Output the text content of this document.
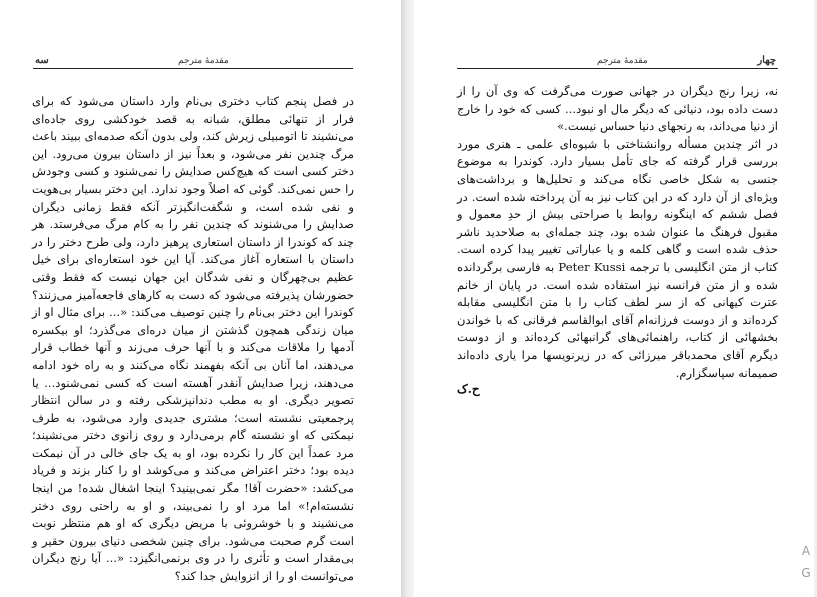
سه	مقدمهٔ مترجم

در فصل پنجم کتاب دختری بی‌نام وارد داستان می‌شود که برای فرار از تنهائی مطلق، شبانه به قصد خودکشی روی جاده‌ای می‌نشیند تا اتومبیلی زیرش کند، ولی بدون آنکه صدمه‌ای ببیند باعث مرگ چندین نفر می‌شود، و بعداً نیز از داستان بیرون می‌رود. این دختر کسی است که هیچ‌کس صدایش را نمی‌شنود و کسی وجودش را حس نمی‌کند. گوئی که اصلاً وجود ندارد. این دختر بسیار بی‌هویت و نفی شده است، و شگفت‌انگیزتر آنکه فقط زمانی دیگران صدایش را می‌شنوند که چندین نفر را به کام مرگ می‌فرستد. هر چند که کوندرا از داستان استعاری پرهیز دارد، ولی طرح دختر را در داستان با استعاره آغاز می‌کند. آیا این خود استعاره‌ای برای خیل عظیم بی‌چهرگان و نفی شدگان این جهان نیست که فقط وقتی حضورشان پذیرفته می‌شود که دست به کارهای فاجعه‌آمیز می‌زنند؟ کوندرا این دختر بی‌نام را چنین توصیف می‌کند: «... برای مثال او از میان زندگی همچون گذشتن از میان دره‌ای می‌گذرد؛ او بیکسره آدمها را ملاقات می‌کند و با آنها حرف می‌زند و آنها خطاب قرار می‌دهند، اما آنان بی آنکه بفهمند نگاه می‌کنند و به راه خود ادامه می‌دهند، زیرا صدایش آنقدر آهسته است که کسی نمی‌شنود... یا تصویر دیگری. او به مطب دندانپزشکی رفته و در سالن انتظار پرجمعیتی نشسته است؛ مشتری جدیدی وارد می‌شود، به طرف نیمکتی که او نشسته گام برمی‌دارد و روی زانوی دختر می‌نشیند؛ مرد عمداً این کار را نکرده بود، او به یک جای خالی در آن نیمکت دیده بود؛ دختر اعتراض می‌کند و می‌کوشد او را کنار بزند و فریاد می‌کشد: «حضرت آقا! مگر نمی‌بینید؟ اینجا اشغال شده! من اینجا نشسته‌ام!» اما مرد او را نمی‌بیند، و او به راحتی روی دختر می‌نشیند و با خوشروئی با مریض دیگری که او هم منتظر نوبت است گرم صحبت می‌شود. برای چنین شخصی دنیای بیرون حقیر و بی‌مقدار است و تأثری را در وی برنمی‌انگیزد: «... آیا رنج دیگران می‌توانست او را از انزوایش جدا کند؟

چهار
مقدمهٔ مترجم

نه، زیرا رنج دیگران در جهانی صورت می‌گرفت که وی آن را از دست داده بود، دنیائی که دیگر مال او نبود... کسی که خود را خارج از دنیا می‌داند، به رنجهای دنیا حساس نیست.»

در اثر چندین مسأله روانشناختی با شیوه‌ای علمی ـ هنری مورد بررسی قرار گرفته که جای تأمل بسیار دارد. کوندرا به موضوع جنسی به شکل خاصی نگاه می‌کند و تحلیل‌ها و برداشت‌های ویژه‌ای از آن دارد که در این کتاب نیز به آن پرداخته شده است. در فصل ششم که اینگونه روابط با صراحتی بیش از حدِ معمول و مقبول فرهنگ ما عنوان شده بود، چند جمله‌ای به صلاحدید ناشر حذف شده است و گاهی کلمه و یا عباراتی تغییر پیدا کرده است. کتاب از متن انگلیسی با ترجمه Peter Kussi به فارسی برگردانده شده و از متن فرانسه نیز استفاده شده است. در پایان از خانم عترت کیهانی که از سر لطف کتاب را با متن انگلیسی مقابله کرده‌اند و از دوست فرزانه‌ام آقای ابوالقاسم فرقانی که با خواندن بخشهائی از کتاب، راهنمائی‌های گرانبهائی کرده‌اند و از دوست دیگرم آقای محمدباقر میرزائی که در زیرنویسها مرا یاری داده‌اند صمیمانه سپاسگزارم.

ح.ک
A
G
